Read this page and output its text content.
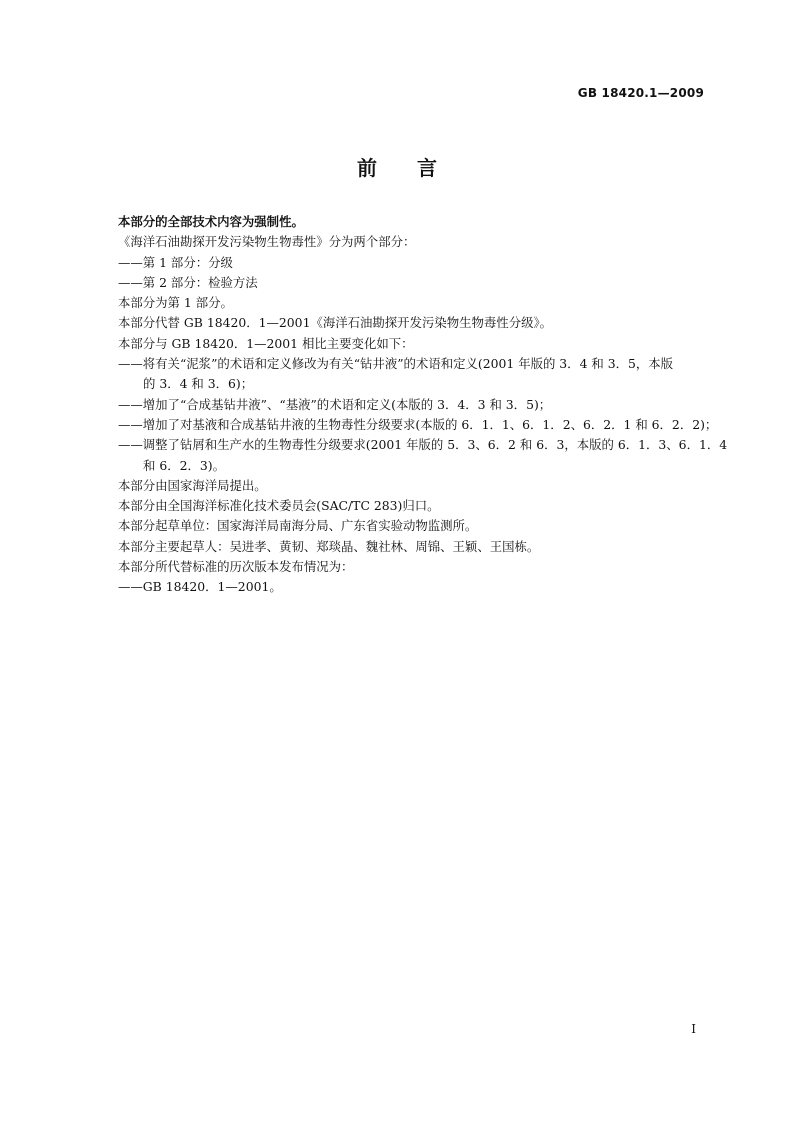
GB 18420.1—2009
前言
本部分的全部技术内容为强制性。
《海洋石油勘探开发污染物生物毒性》分为两个部分：
——第 1 部分：分级
——第 2 部分：检验方法
本部分为第 1 部分。
本部分代替 GB 18420．1—2001《海洋石油勘探开发污染物生物毒性分级》。
本部分与 GB 18420．1—2001 相比主要变化如下：
——将有关“泥浆”的术语和定义修改为有关“钻井液”的术语和定义(2001 年版的 3．4 和 3．5，本版
的 3．4 和 3．6)；
——增加了“合成基钻井液”、“基液”的术语和定义(本版的 3．4．3 和 3．5)；
——增加了对基液和合成基钻井液的生物毒性分级要求(本版的 6．1．1、6．1．2、6．2．1 和 6．2．2)；
——调整了钻屑和生产水的生物毒性分级要求(2001 年版的 5．3、6．2 和 6．3，本版的 6．1．3、6．1．4
和 6．2．3)。
本部分由国家海洋局提出。
本部分由全国海洋标准化技术委员会(SAC/TC 283)归口。
本部分起草单位：国家海洋局南海分局、广东省实验动物监测所。
本部分主要起草人：吴进孝、黄韧、郑琰晶、魏社林、周锦、王颖、王国栋。
本部分所代替标准的历次版本发布情况为：
——GB 18420．1—2001。
I
